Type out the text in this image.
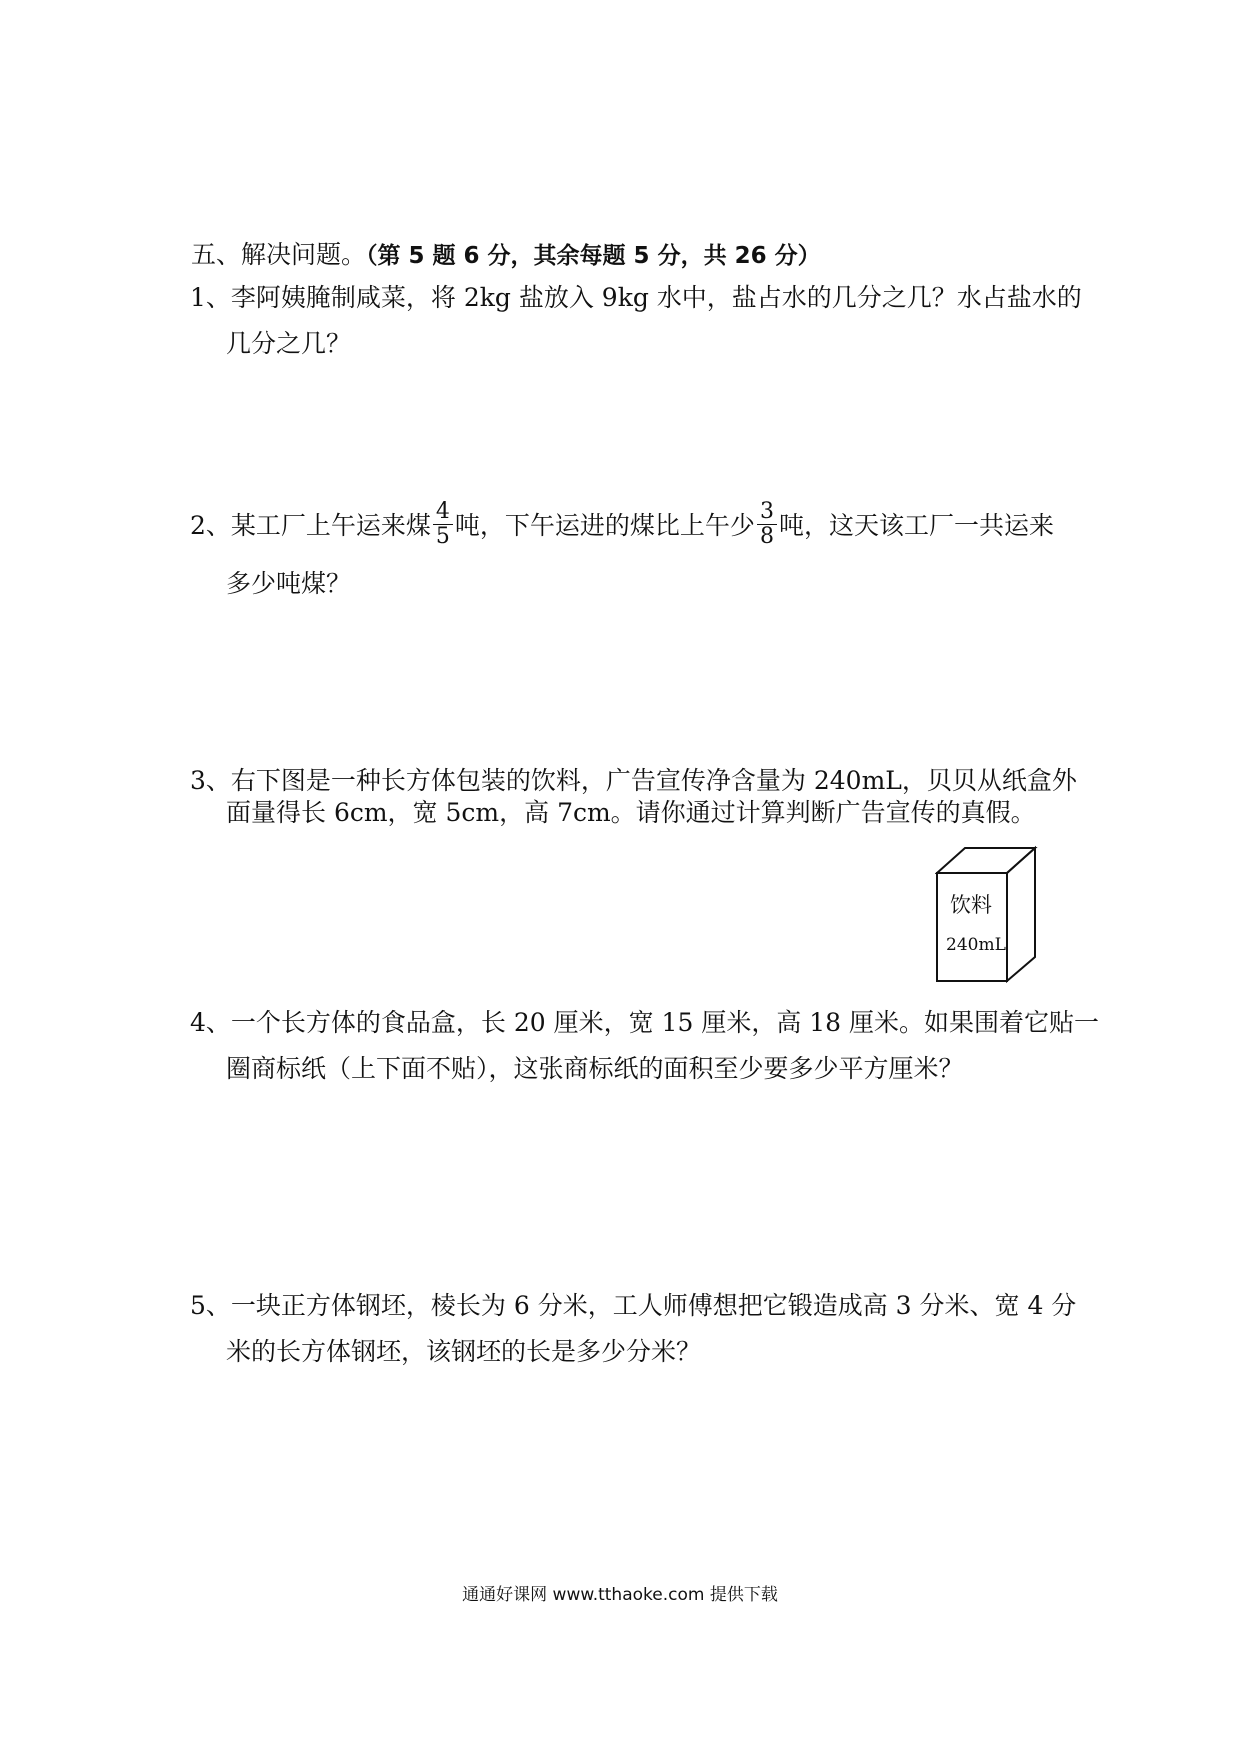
五、解决问题。（第 5 题 6 分，其余每题 5 分，共 26 分）
1、李阿姨腌制咸菜，将 2kg 盐放入 9kg 水中，盐占水的几分之几？水占盐水的
几分之几？
2、某工厂上午运来煤 $\frac{4}{5}$ 吨，下午运进的煤比上午少 $\frac{3}{8}$ 吨，这天该工厂一共运来
多少吨煤？
3、右下图是一种长方体包装的饮料，广告宣传净含量为 240mL，贝贝从纸盒外
面量得长 6cm，宽 5cm，高 7cm。请你通过计算判断广告宣传的真假。
饮料
240mL
4、一个长方体的食品盒，长 20 厘米，宽 15 厘米，高 18 厘米。如果围着它贴一
圈商标纸（上下面不贴），这张商标纸的面积至少要多少平方厘米？
5、一块正方体钢坯，棱长为 6 分米，工人师傅想把它锻造成高 3 分米、宽 4 分
米的长方体钢坯，该钢坯的长是多少分米？
通通好课网 www.tthaoke.com 提供下载
